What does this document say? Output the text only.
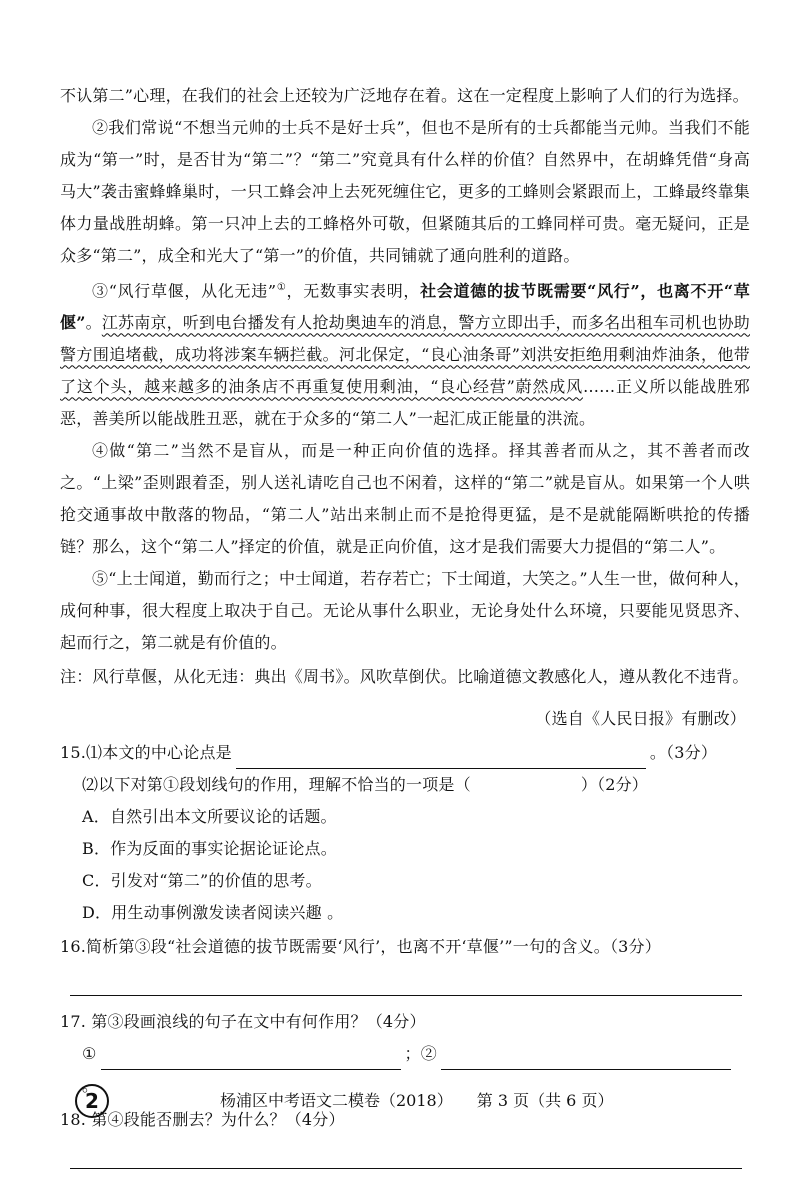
不认第二”心理，在我们的社会上还较为广泛地存在着。这在一定程度上影响了人们的行为选择。

②我们常说“不想当元帅的士兵不是好士兵”，但也不是所有的士兵都能当元帅。当我们不能成为“第一”时，是否甘为“第二”？“第二”究竟具有什么样的价值？自然界中，在胡蜂凭借“身高马大”袭击蜜蜂蜂巢时，一只工蜂会冲上去死死缠住它，更多的工蜂则会紧跟而上，工蜂最终靠集体力量战胜胡蜂。第一只冲上去的工蜂格外可敬，但紧随其后的工蜂同样可贵。毫无疑问，正是众多“第二”，成全和光大了“第一”的价值，共同铺就了通向胜利的道路。

③“风行草偃，从化无违”①，无数事实表明，社会道德的拔节既需要“风行”，也离不开“草偃”。江苏南京，听到电台播发有人抢劫奥迪车的消息，警方立即出手，而多名出租车司机也协助警方围追堵截，成功将涉案车辆拦截。河北保定，“良心油条哥”刘洪安拒绝用剩油炸油条，他带了这个头，越来越多的油条店不再重复使用剩油，“良心经营”蔚然成风……正义所以能战胜邪恶，善美所以能战胜丑恶，就在于众多的“第二人”一起汇成正能量的洪流。

④做“第二”当然不是盲从，而是一种正向价值的选择。择其善者而从之，其不善者而改之。“上梁”歪则跟着歪，别人送礼请吃自己也不闲着，这样的“第二”就是盲从。如果第一个人哄抢交通事故中散落的物品，“第二人”站出来制止而不是抢得更猛，是不是就能隔断哄抢的传播链？那么，这个“第二人”择定的价值，就是正向价值，这才是我们需要大力提倡的“第二人”。

⑤“上士闻道，勤而行之；中士闻道，若存若亡；下士闻道，大笑之。”人生一世，做何种人，成何种事，很大程度上取决于自己。无论从事什么职业，无论身处什么环境，只要能见贤思齐、起而行之，第二就是有价值的。

注：风行草偃，从化无违：典出《周书》。风吹草倒伏。比喻道德文教感化人，遵从教化不违背。

（选自《人民日报》有删改）

15.⑴本文的中心论点是	。（3分）
⑵以下对第①段划线句的作用，理解不恰当的一项是（	）（2分）
A．自然引出本文所要议论的话题。
B．作为反面的事实论据论证论点。
C．引发对“第二”的价值的思考。
D．用生动事例激发读者阅读兴趣 。
16.简析第③段“社会道德的拔节既需要‘风行’，也离不开‘草偃’”一句的含义。（3分）
17. 第③段画浪线的句子在文中有何作用？（4分）
①	；②。
18. 第④段能否删去？为什么？（4分）
2	杨浦区中考语文二模卷（2018） 第 3 页（共 6 页）
